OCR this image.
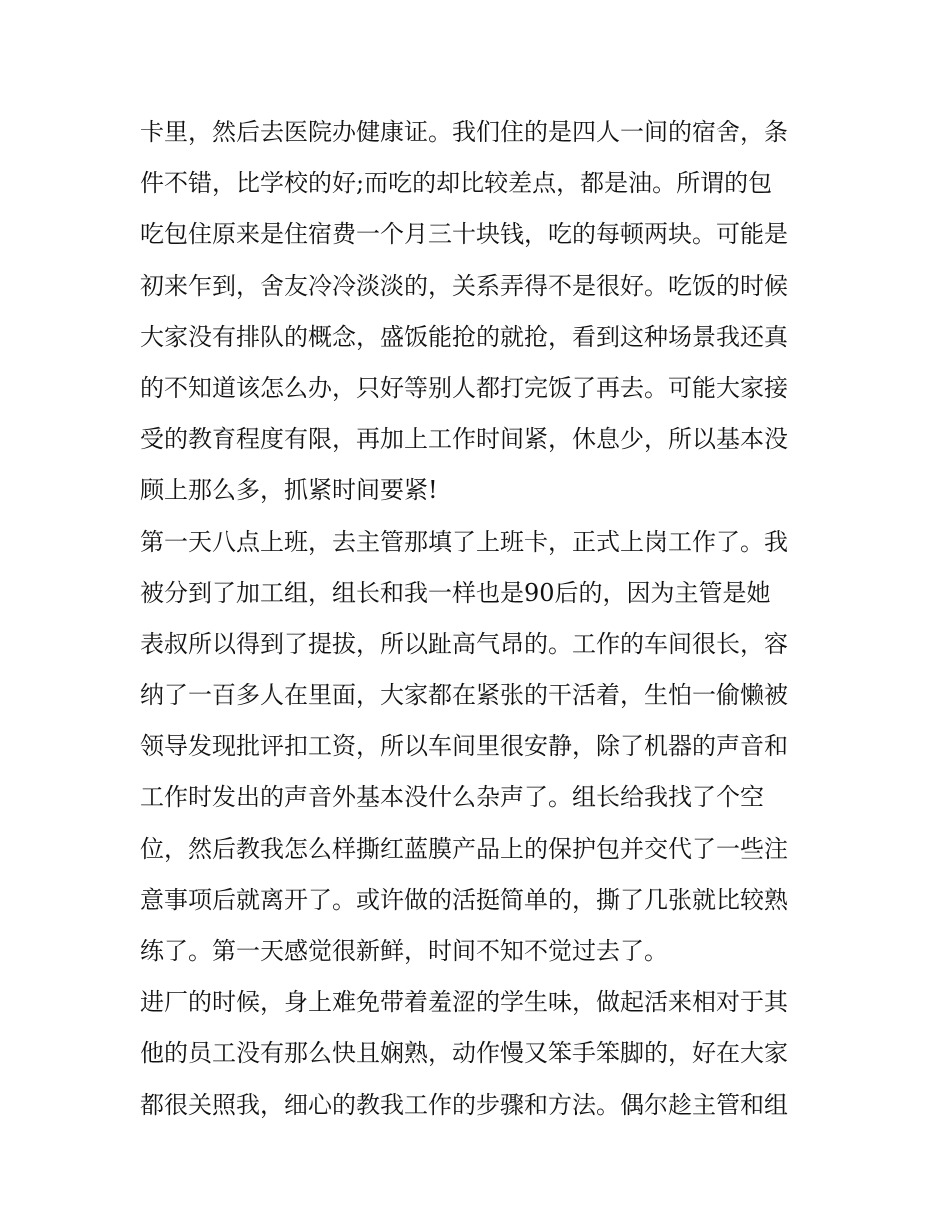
卡里，然后去医院办健康证。我们住的是四人一间的宿舍，条
件不错，比学校的好;而吃的却比较差点，都是油。所谓的包
吃包住原来是住宿费一个月三十块钱，吃的每顿两块。可能是
初来乍到，舍友冷冷淡淡的，关系弄得不是很好。吃饭的时候
大家没有排队的概念，盛饭能抢的就抢，看到这种场景我还真
的不知道该怎么办，只好等别人都打完饭了再去。可能大家接
受的教育程度有限，再加上工作时间紧，休息少，所以基本没
顾上那么多，抓紧时间要紧!
第一天八点上班，去主管那填了上班卡，正式上岗工作了。我
被分到了加工组，组长和我一样也是90后的，因为主管是她
表叔所以得到了提拔，所以趾高气昂的。工作的车间很长，容
纳了一百多人在里面，大家都在紧张的干活着，生怕一偷懒被
领导发现批评扣工资，所以车间里很安静，除了机器的声音和
工作时发出的声音外基本没什么杂声了。组长给我找了个空
位，然后教我怎么样撕红蓝膜产品上的保护包并交代了一些注
意事项后就离开了。或许做的活挺简单的，撕了几张就比较熟
练了。第一天感觉很新鲜，时间不知不觉过去了。
进厂的时候，身上难免带着羞涩的学生味，做起活来相对于其
他的员工没有那么快且娴熟，动作慢又笨手笨脚的，好在大家
都很关照我，细心的教我工作的步骤和方法。偶尔趁主管和组
